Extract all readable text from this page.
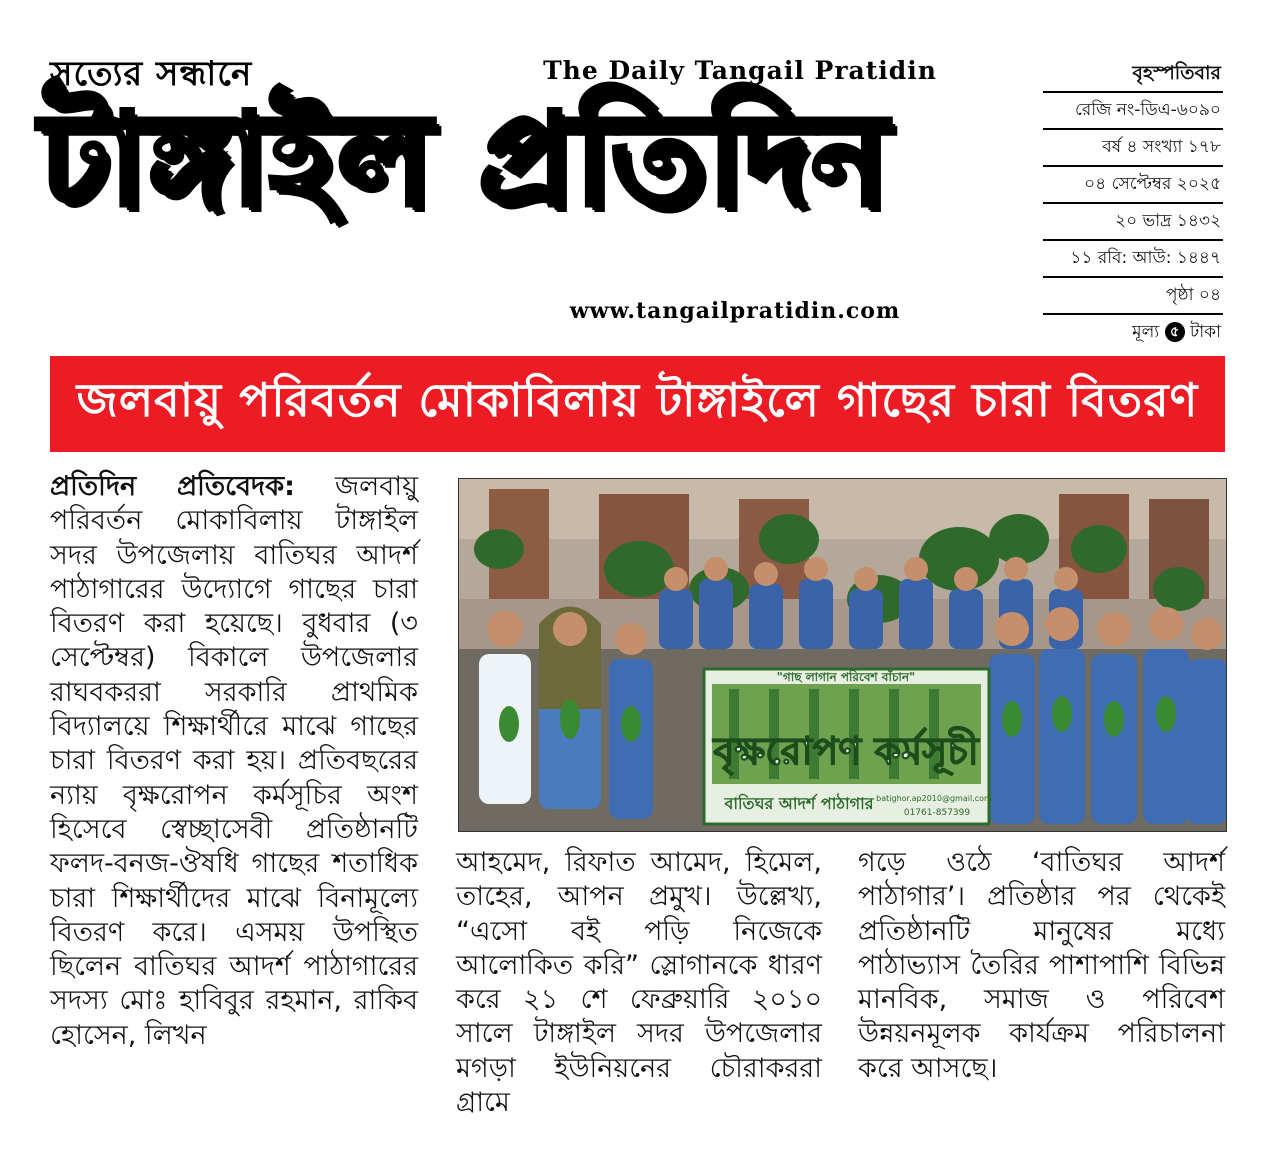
সত্যের সন্ধানে
টাঙ্গাইল প্রতিদিন
The Daily Tangail Pratidin
www.tangailpratidin.com
বৃহস্পতিবার
রেজি নং-ডিএ-৬০৯০
বর্ষ ৪ সংখ্যা ১৭৮
০৪ সেপ্টেম্বর ২০২৫
২০ ভাদ্র ১৪৩২
১১ রবি: আউ: ১৪৪৭
পৃষ্ঠা ০৪
মূল্য ৫ টাকা
জলবায়ু পরিবর্তন মোকাবিলায় টাঙ্গাইলে গাছের চারা বিতরণ
প্রতিদিন প্রতিবেদক: জলবায়ু পরিবর্তন মোকাবিলায় টাঙ্গাইল সদর উপজেলায় বাতিঘর আদর্শ পাঠাগারের উদ্যোগে গাছের চারা বিতরণ করা হয়েছে। বুধবার (৩ সেপ্টেম্বর) বিকালে উপজেলার রাঘবকররা সরকারি প্রাথমিক বিদ্যালয়ে শিক্ষার্থীরে মাঝে গাছের চারা বিতরণ করা হয়। প্রতিবছরের ন্যায় বৃক্ষরোপন কর্মসূচির অংশ হিসেবে স্বেচ্ছাসেবী প্রতিষ্ঠানটি ফলদ-বনজ-ঔষধি গাছের শতাধিক চারা শিক্ষার্থীদের মাঝে বিনামূল্যে বিতরণ করে। এসময় উপস্থিত ছিলেন বাতিঘর আদর্শ পাঠাগারের সদস্য মোঃ হাবিবুর রহমান, রাকিব হোসেন, লিখন
"গাছ লাগান পরিবেশ বাঁচান"
বৃক্ষরোপণ কর্মসূচী
বাতিঘর আদর্শ পাঠাগার batighor.ap2010@gmail.com
01761-857399
আহমেদ, রিফাত আমেদ, হিমেল, তাহের, আপন প্রমুখ। উল্লেখ্য, “এসো বই পড়ি নিজেকে আলোকিত করি” স্লোগানকে ধারণ করে ২১ শে ফেব্রুয়ারি ২০১০ সালে টাঙ্গাইল সদর উপজেলার মগড়া ইউনিয়নের চৌরাকররা গ্রামে
গড়ে ওঠে ‘বাতিঘর আদর্শ পাঠাগার’। প্রতিষ্ঠার পর থেকেই প্রতিষ্ঠানটি মানুষের মধ্যে পাঠাভ্যাস তৈরির পাশাপাশি বিভিন্ন মানবিক, সমাজ ও পরিবেশ উন্নয়নমূলক কার্যক্রম পরিচালনা করে আসছে।
